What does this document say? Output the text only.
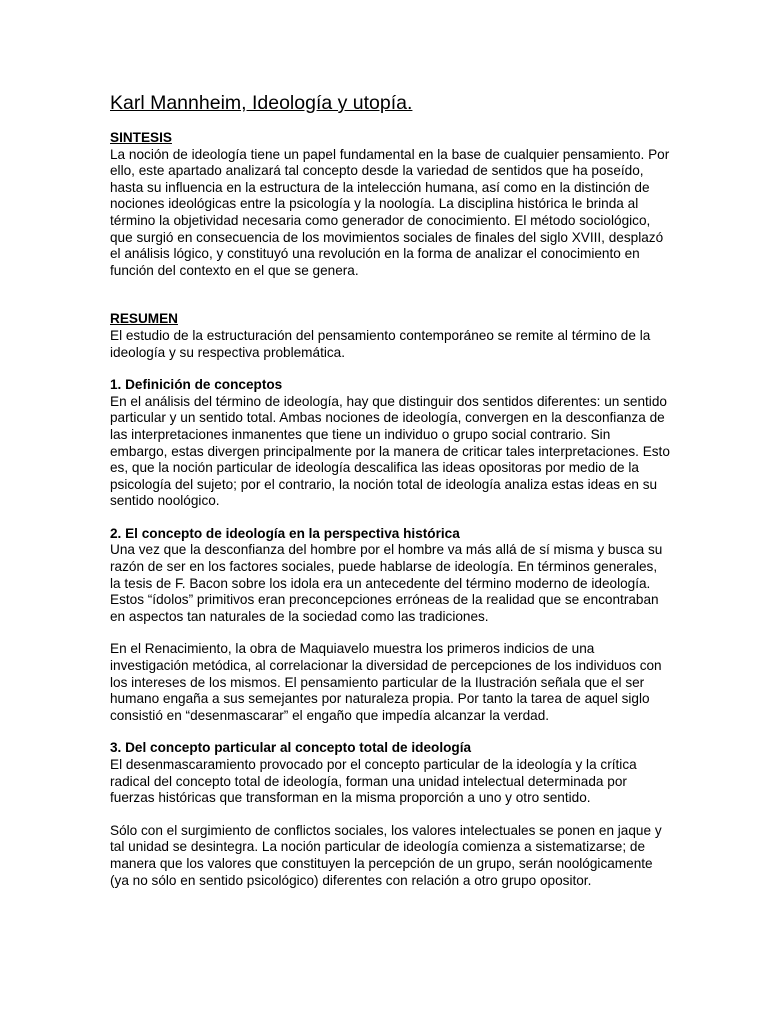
Karl Mannheim, Ideología y utopía.

SINTESIS

La noción de ideología tiene un papel fundamental en la base de cualquier pensamiento. Por ello, este apartado analizará tal concepto desde la variedad de sentidos que ha poseído, hasta su influencia en la estructura de la intelección humana, así como en la distinción de nociones ideológicas entre la psicología y la noología. La disciplina histórica le brinda al término la objetividad necesaria como generador de conocimiento. El método sociológico, que surgió en consecuencia de los movimientos sociales de finales del siglo XVIII, desplazó el análisis lógico, y constituyó una revolución en la forma de analizar el conocimiento en función del contexto en el que se genera.

RESUMEN

El estudio de la estructuración del pensamiento contemporáneo se remite al término de la ideología y su respectiva problemática.

1. Definición de conceptos

En el análisis del término de ideología, hay que distinguir dos sentidos diferentes: un sentido particular y un sentido total. Ambas nociones de ideología, convergen en la desconfianza de las interpretaciones inmanentes que tiene un individuo o grupo social contrario. Sin embargo, estas divergen principalmente por la manera de criticar tales interpretaciones. Esto es, que la noción particular de ideología descalifica las ideas opositoras por medio de la psicología del sujeto; por el contrario, la noción total de ideología analiza estas ideas en su sentido noológico.

2. El concepto de ideología en la perspectiva histórica

Una vez que la desconfianza del hombre por el hombre va más allá de sí misma y busca su razón de ser en los factores sociales, puede hablarse de ideología. En términos generales, la tesis de F. Bacon sobre los idola era un antecedente del término moderno de ideología. Estos “ídolos” primitivos eran preconcepciones erróneas de la realidad que se encontraban en aspectos tan naturales de la sociedad como las tradiciones.

En el Renacimiento, la obra de Maquiavelo muestra los primeros indicios de una investigación metódica, al correlacionar la diversidad de percepciones de los individuos con los intereses de los mismos. El pensamiento particular de la Ilustración señala que el ser humano engaña a sus semejantes por naturaleza propia. Por tanto la tarea de aquel siglo consistió en “desenmascarar” el engaño que impedía alcanzar la verdad.

3. Del concepto particular al concepto total de ideología

El desenmascaramiento provocado por el concepto particular de la ideología y la crítica radical del concepto total de ideología, forman una unidad intelectual determinada por fuerzas históricas que transforman en la misma proporción a uno y otro sentido.

Sólo con el surgimiento de conflictos sociales, los valores intelectuales se ponen en jaque y tal unidad se desintegra. La noción particular de ideología comienza a sistematizarse; de manera que los valores que constituyen la percepción de un grupo, serán noológicamente (ya no sólo en sentido psicológico) diferentes con relación a otro grupo opositor.
